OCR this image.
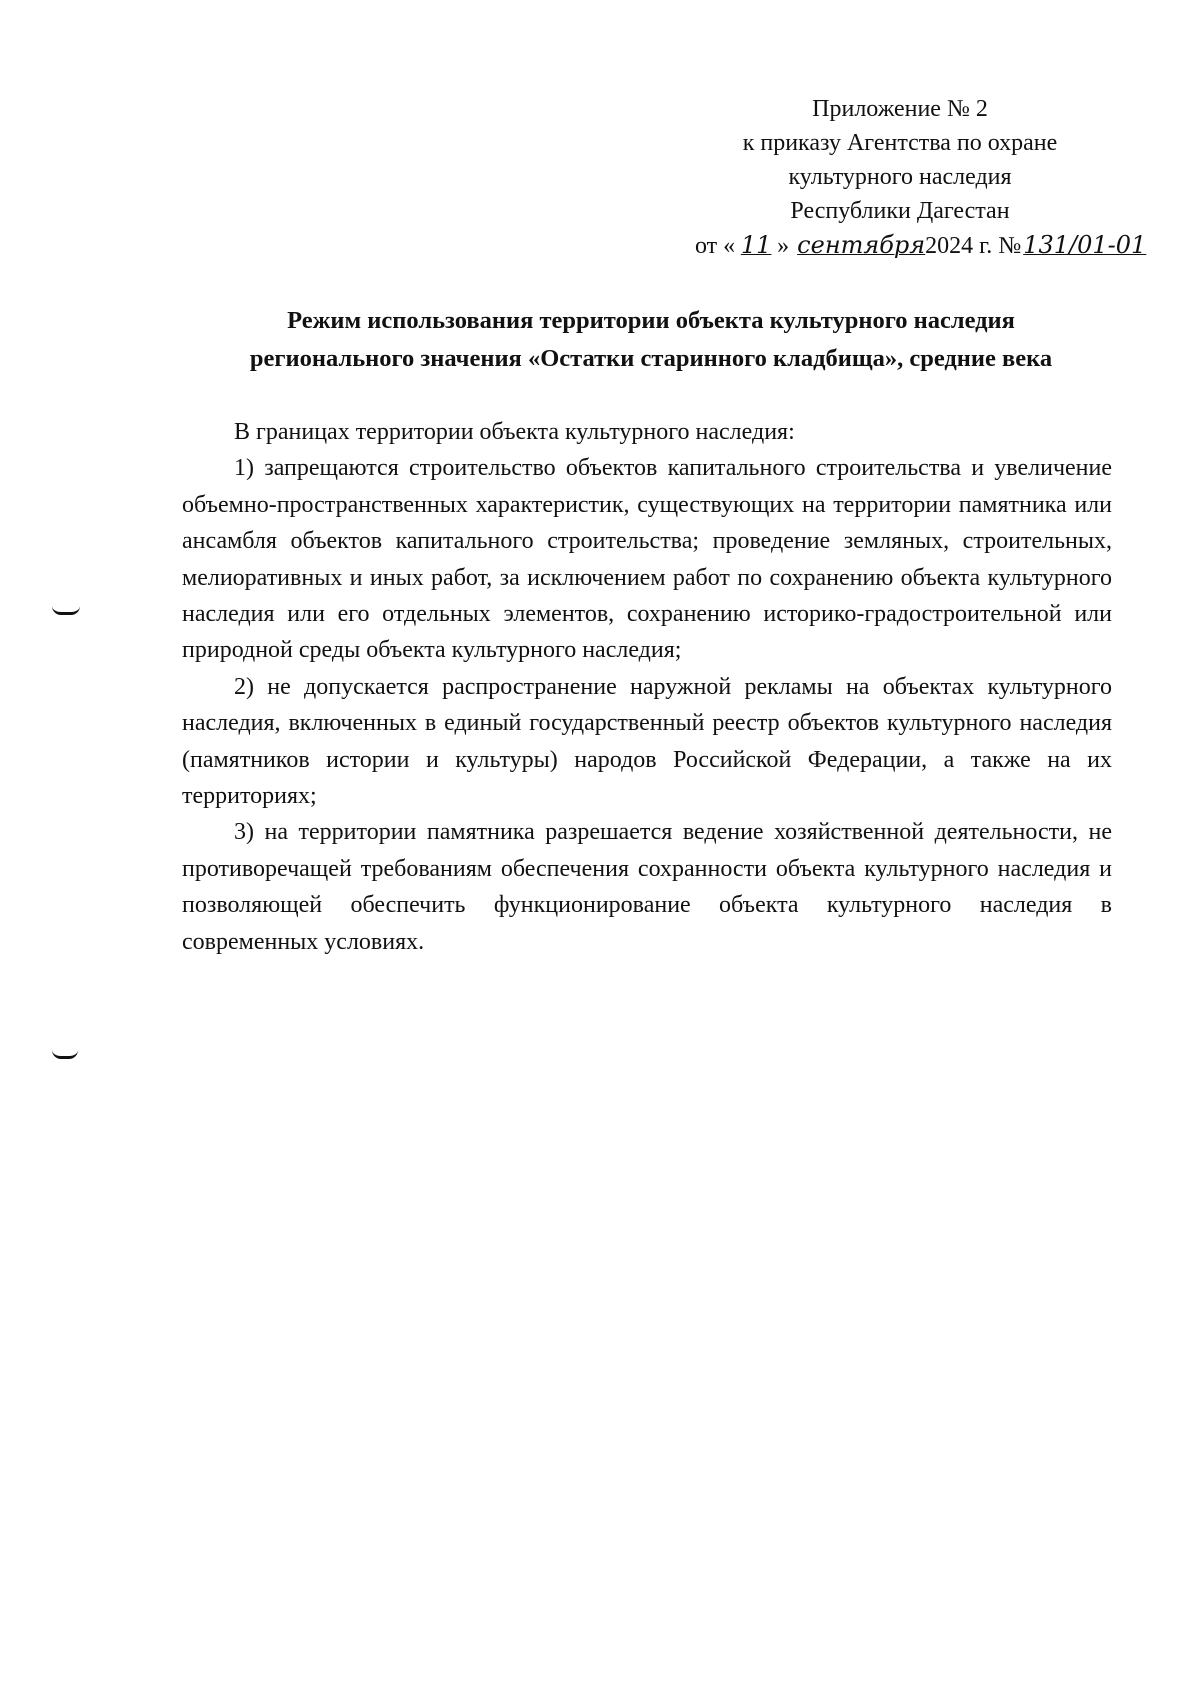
Приложение № 2
к приказу Агентства по охране
культурного наследия
Республики Дагестан
от « 11 » сентября 2024 г. №131/01-01
Режим использования территории объекта культурного наследия
регионального значения «Остатки старинного кладбища», средние века

В границах территории объекта культурного наследия:

1) запрещаются строительство объектов капитального строительства и увеличение объемно-пространственных характеристик, существующих на территории памятника или ансамбля объектов капитального строительства; проведение земляных, строительных, мелиоративных и иных работ, за исключением работ по сохранению объекта культурного наследия или его отдельных элементов, сохранению историко-градостроительной или природной среды объекта культурного наследия;

2) не допускается распространение наружной рекламы на объектах культурного наследия, включенных в единый государственный реестр объектов культурного наследия (памятников истории и культуры) народов Российской Федерации, а также на их территориях;

3) на территории памятника разрешается ведение хозяйственной деятельности, не противоречащей требованиям обеспечения сохранности объекта культурного наследия и позволяющей обеспечить функционирование объекта культурного наследия в современных условиях.
